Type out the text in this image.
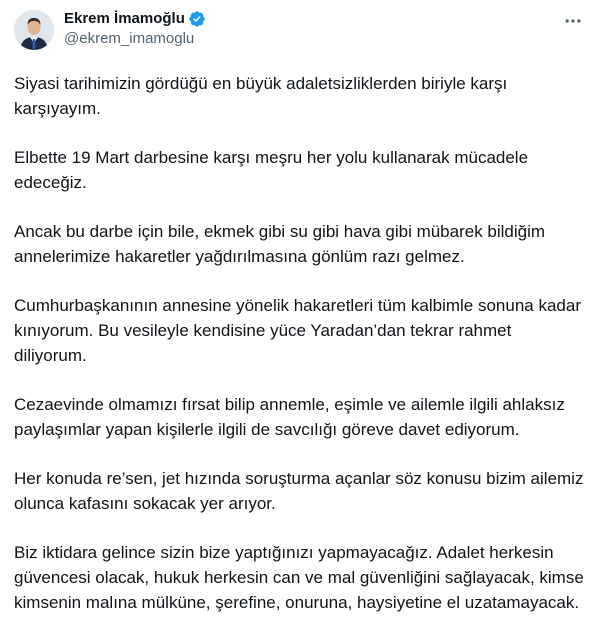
Ekrem İmamoğlu
@ekrem_imamoglu

Siyasi tarihimizin gördüğü en büyük adaletsizliklerden biriyle karşı karşıyayım.

Elbette 19 Mart darbesine karşı meşru her yolu kullanarak mücadele edeceğiz.

Ancak bu darbe için bile, ekmek gibi su gibi hava gibi mübarek bildiğim annelerimize hakaretler yağdırılmasına gönlüm razı gelmez.

Cumhurbaşkanının annesine yönelik hakaretleri tüm kalbimle sonuna kadar kınıyorum. Bu vesileyle kendisine yüce Yaradan’dan tekrar rahmet diliyorum.

Cezaevinde olmamızı fırsat bilip annemle, eşimle ve ailemle ilgili ahlaksız paylaşımlar yapan kişilerle ilgili de savcılığı göreve davet ediyorum.

Her konuda re’sen, jet hızında soruşturma açanlar söz konusu bizim ailemiz olunca kafasını sokacak yer arıyor.

Biz iktidara gelince sizin bize yaptığınızı yapmayacağız. Adalet herkesin güvencesi olacak, hukuk herkesin can ve mal güvenliğini sağlayacak, kimse kimsenin malına mülküne, şerefine, onuruna, haysiyetine el uzatamayacak.
